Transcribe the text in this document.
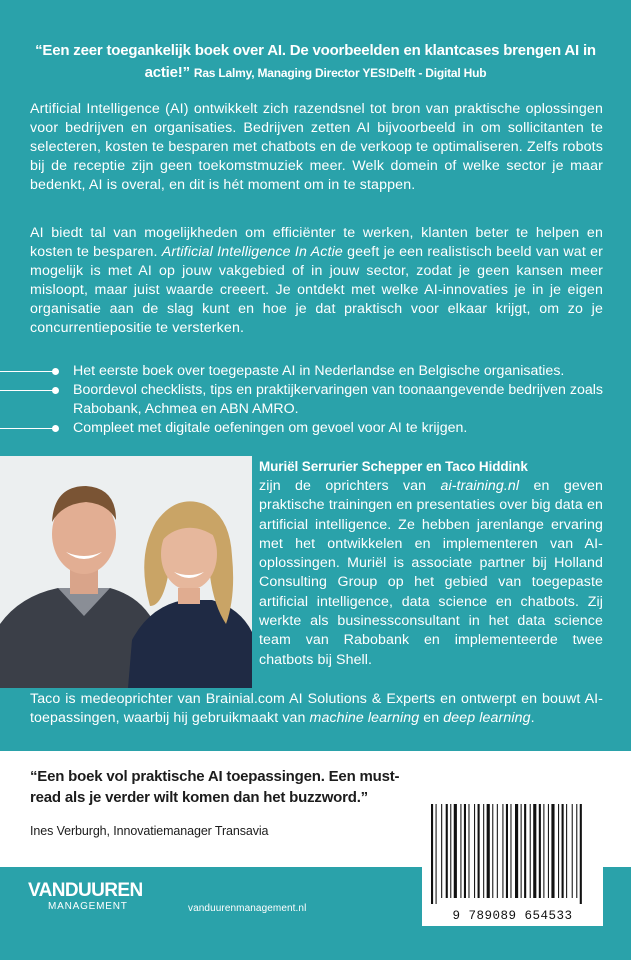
“Een zeer toegankelijk boek over AI. De voorbeelden en klantcases brengen AI in actie!” Ras Lalmy, Managing Director YES!Delft - Digital Hub
Artificial Intelligence (AI) ontwikkelt zich razendsnel tot bron van praktische oplossingen voor bedrijven en organisaties. Bedrijven zetten AI bijvoorbeeld in om sollicitanten te selecteren, kosten te besparen met chatbots en de verkoop te optimaliseren. Zelfs robots bij de receptie zijn geen toekomstmuziek meer. Welk domein of welke sector je maar bedenkt, AI is overal, en dit is hét moment om in te stappen.
AI biedt tal van mogelijkheden om efficiënter te werken, klanten beter te helpen en kosten te besparen. Artificial Intelligence In Actie geeft je een realistisch beeld van wat er mogelijk is met AI op jouw vakgebied of in jouw sector, zodat je geen kansen meer misloopt, maar juist waarde creeert. Je ontdekt met welke AI-innovaties je in je eigen organisatie aan de slag kunt en hoe je dat praktisch voor elkaar krijgt, om zo je concurrentiepositie te versterken.
Het eerste boek over toegepaste AI in Nederlandse en Belgische organisaties.
Boordevol checklists, tips en praktijkervaringen van toonaangevende bedrijven zoals Rabobank, Achmea en ABN AMRO.
Compleet met digitale oefeningen om gevoel voor AI te krijgen.
Muriël Serrurier Schepper en Taco Hiddink
zijn de oprichters van ai-training.nl en geven praktische trainingen en presentaties over big data en artificial intelligence. Ze hebben jarenlange ervaring met het ontwikkelen en implementeren van AI-oplossingen. Muriël is associate partner bij Holland Consulting Group op het gebied van toegepaste artificial intelligence, data science en chatbots. Zij werkte als businessconsultant in het data science team van Rabobank en implementeerde twee chatbots bij Shell.
Taco is medeoprichter van Brainial.com AI Solutions & Experts en ontwerpt en bouwt AI-toepassingen, waarbij hij gebruikmaakt van machine learning en deep learning.
“Een boek vol praktische AI toepassingen. Een must-read als je verder wilt komen dan het buzzword.”
Ines Verburgh, Innovatiemanager Transavia
9 789089 654533
VANDUUREN
MANAGEMENT	vanduurenmanagement.nl
